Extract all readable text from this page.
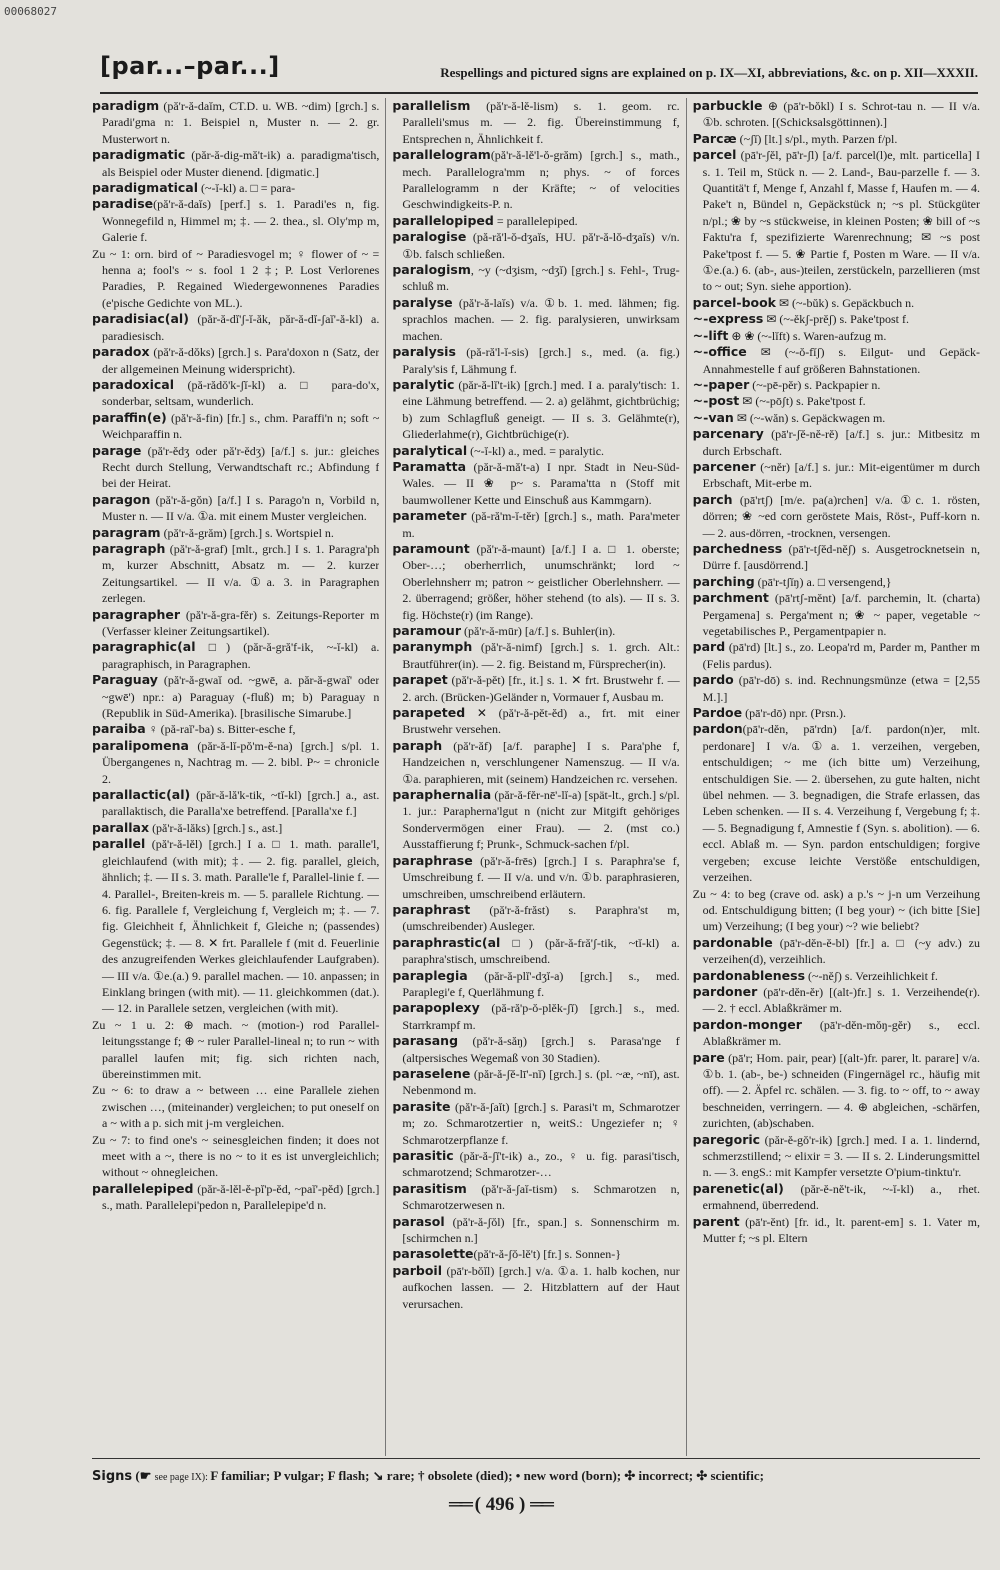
00068027
[par...–par...]	Respellings and pictured signs are explained on p. IX—XI, abbreviations, &c. on p. XII—XXXII.

paradigm (pă'r-ă-daĭm, CT.D. u. WB. ~dim) [grch.] s. Paradi'gma n: 1. Beispiel n, Muster n. — 2. gr. Musterwort n.

paradigmatic (păr-ă-dig-mă't-ik) a. paradigma'tisch, als Beispiel oder Muster dienend. [digmatic.]

paradigmatical (~-ĭ-kl) a. □ = para-

paradise(pă'r-ă-daĭs) [perf.] s. 1. Paradi'es n, fig. Wonnegefild n, Himmel m; ‡. — 2. thea., sl. Oly'mp m, Galerie f.

Zu ~ 1: orn. bird of ~ Paradiesvogel m; ♀ flower of ~ = henna a; fool's ~ s. fool 1 2 ‡; P. Lost Verlorenes Paradies, P. Regained Wiedergewonnenes Paradies (e'pische Gedichte von ML.).

paradisiac(al) (păr-ă-dĭ'ʃ-ĭ-ăk, păr-ă-dĭ-ʃaĭ'-ă-kl) a. paradiesisch.

paradox (pă'r-ă-dŏks) [grch.] s. Para'doxon n (Satz, der der allgemeinen Meinung widerspricht).

paradoxical (pă-rădŏ'k-ʃĭ-kl) a. □ para-do'x, sonderbar, seltsam, wunderlich.

paraffin(e) (pă'r-ă-fin) [fr.] s., chm. Paraffi'n n; soft ~ Weichparaffin n.

parage (pă'r-ĕdʒ oder pă'r-ĕdʒ) [a/f.] s. jur.: gleiches Recht durch Stellung, Verwandtschaft rc.; Abfindung f bei der Heirat.

paragon (pă'r-ă-gŏn) [a/f.] I s. Parago'n n, Vorbild n, Muster n. — II v/a. ①a. mit einem Muster vergleichen.

paragram (pă'r-ă-grăm) [grch.] s. Wortspiel n.

paragraph (pă'r-ă-graf) [mlt., grch.] I s. 1. Paragra'ph m, kurzer Abschnitt, Absatz m. — 2. kurzer Zeitungsartikel. — II v/a. ①a. 3. in Paragraphen zerlegen.

paragrapher (pă'r-ă-gra-fĕr) s. Zeitungs-Reporter m (Verfasser kleiner Zeitungsartikel).

paragraphic(al □) (păr-ă-gră'f-ik, ~-ĭ-kl) a. paragraphisch, in Paragraphen.

Paraguay (pă'r-ă-gwaĭ od. ~gwē, a. păr-ă-gwaĭ' oder ~gwē') npr.: a) Paraguay (-fluß) m; b) Paraguay n (Republik in Süd-Amerika). [brasilische Simarube.]

paraiba ♀ (pă-raĭ'-ba) s. Bitter-esche f,

paralipomena (păr-ă-lĭ-pŏ'm-ĕ-na) [grch.] s/pl. 1. Übergangenes n, Nachtrag m. — 2. bibl. P~ = chronicle 2.

parallactic(al) (păr-ă-lă'k-tik, ~tĭ-kl) [grch.] a., ast. parallaktisch, die Paralla'xe betreffend. [Paralla'xe f.]

parallax (pă'r-ă-lăks) [grch.] s., ast.]

parallel (pă'r-ă-lĕl) [grch.] I a. □ 1. math. paralle'l, gleichlaufend (with mit); ‡. — 2. fig. parallel, gleich, ähnlich; ‡. — II s. 3. math. Paralle'le f, Parallel-linie f. — 4. Parallel-, Breiten-kreis m. — 5. parallele Richtung. — 6. fig. Parallele f, Vergleichung f, Vergleich m; ‡. — 7. fig. Gleichheit f, Ähnlichkeit f, Gleiche n; (passendes) Gegenstück; ‡. — 8. ✕ frt. Parallele f (mit d. Feuerlinie des anzugreifenden Werkes gleichlaufender Laufgraben). — III v/a. ①e.(a.) 9. parallel machen. — 10. anpassen; in Einklang bringen (with mit). — 11. gleichkommen (dat.). — 12. in Parallele setzen, vergleichen (with mit).

Zu ~ 1 u. 2: ⊕ mach. ~ (motion-) rod Parallel-leitungsstange f; ⊕ ~ ruler Parallel-lineal n; to run ~ with parallel laufen mit; fig. sich richten nach, übereinstimmen mit.

Zu ~ 6: to draw a ~ between … eine Parallele ziehen zwischen …, (miteinander) vergleichen; to put oneself on a ~ with a p. sich mit j-m vergleichen.

Zu ~ 7: to find one's ~ seinesgleichen finden; it does not meet with a ~, there is no ~ to it es ist unvergleichlich; without ~ ohnegleichen.

parallelepiped (păr-ă-lĕl-ĕ-pĭ'p-ĕd, ~paĭ'-pĕd) [grch.] s., math. Parallelepi'pedon n, Parallelepipe'd n.

parallelism (pă'r-ă-lĕ-lism) s. 1. geom. rc. Paralleli'smus m. — 2. fig. Übereinstimmung f, Entsprechen n, Ähnlichkeit f.

parallelogram(pă'r-ă-lĕ'l-ŏ-grăm) [grch.] s., math., mech. Parallelogra'mm n; phys. ~ of forces Parallelogramm n der Kräfte; ~ of velocities Geschwindigkeits-P. n.

parallelopiped = parallelepiped.

paralogise (pă-ră'l-ŏ-dʒaĭs, HU. pă'r-ă-lŏ-dʒaĭs) v/n. ①b. falsch schließen.

paralogism, ~y (~dʒism, ~dʒĭ) [grch.] s. Fehl-, Trug-schluß m.

paralyse (pă'r-ă-laĭs) v/a. ①b. 1. med. lähmen; fig. sprachlos machen. — 2. fig. paralysieren, unwirksam machen.

paralysis (pă-ră'l-ĭ-sis) [grch.] s., med. (a. fig.) Paraly'sis f, Lähmung f.

paralytic (păr-ă-lĭ't-ik) [grch.] med. I a. paraly'tisch: 1. eine Lähmung betreffend. — 2. a) gelähmt, gichtbrüchig; b) zum Schlagfluß geneigt. — II s. 3. Gelähmte(r), Gliederlahme(r), Gichtbrüchige(r).

paralytical (~-ĭ-kl) a., med. = paralytic.

Paramatta (păr-ă-mă't-a) I npr. Stadt in Neu-Süd-Wales. — II ❀ p~ s. Parama'tta n (Stoff mit baumwollener Kette und Einschuß aus Kammgarn).

parameter (pă-ră'm-ĭ-tĕr) [grch.] s., math. Para'meter m.

paramount (pă'r-ă-maunt) [a/f.] I a. □ 1. oberste; Ober-…; oberherrlich, unumschränkt; lord ~ Oberlehnsherr m; patron ~ geistlicher Oberlehnsherr. — 2. überragend; größer, höher stehend (to als). — II s. 3. fig. Höchste(r) (im Range).

paramour (pă'r-ă-mūr) [a/f.] s. Buhler(in).

paranymph (pă'r-ă-nimf) [grch.] s. 1. grch. Alt.: Brautführer(in). — 2. fig. Beistand m, Fürsprecher(in).

parapet (pă'r-ă-pĕt) [fr., it.] s. 1. ✕ frt. Brustwehr f. — 2. arch. (Brücken-)Geländer n, Vormauer f, Ausbau m.

parapeted ✕ (pă'r-ă-pĕt-ĕd) a., frt. mit einer Brustwehr versehen.

paraph (pă'r-ăf) [a/f. paraphe] I s. Para'phe f, Handzeichen n, verschlungener Namenszug. — II v/a. ①a. paraphieren, mit (seinem) Handzeichen rc. versehen.

paraphernalia (păr-ă-fĕr-nē'-lĭ-a) [spät-lt., grch.] s/pl. 1. jur.: Parapherna'lgut n (nicht zur Mitgift gehöriges Sondervermögen einer Frau). — 2. (mst co.) Ausstaffierung f; Prunk-, Schmuck-sachen f/pl.

paraphrase (pă'r-ă-frēs) [grch.] I s. Paraphra'se f, Umschreibung f. — II v/a. und v/n. ①b. paraphrasieren, umschreiben, umschreibend erläutern.

paraphrast (pă'r-ă-frăst) s. Paraphra'st m, (umschreibender) Ausleger.

paraphrastic(al □) (păr-ă-fră'ʃ-tik, ~tĭ-kl) a. paraphra'stisch, umschreibend.

paraplegia (păr-ă-plĭ'-dʒĭ-a) [grch.] s., med. Paraplegi'e f, Querlähmung f.

parapoplexy (pă-ră'p-ŏ-plĕk-ʃĭ) [grch.] s., med. Starrkrampf m.

parasang (pă'r-ă-săŋ) [grch.] s. Parasa'nge f (altpersisches Wegemaß von 30 Stadien).

paraselene (păr-ă-ʃĕ-lī'-nĭ) [grch.] s. (pl. ~æ, ~nī), ast. Nebenmond m.

parasite (pă'r-ă-ʃaĭt) [grch.] s. Parasi't m, Schmarotzer m; zo. Schmarotzertier n, weitS.: Ungeziefer n; ♀ Schmarotzerpflanze f.

parasitic (păr-ă-ʃĭ't-ik) a., zo., ♀ u. fig. parasi'tisch, schmarotzend; Schmarotzer-…

parasitism (pă'r-ă-ʃaĭ-tism) s. Schmarotzen n, Schmarotzerwesen n.

parasol (pă'r-ă-ʃŏl) [fr., span.] s. Sonnenschirm m. [schirmchen n.]

parasolette(pă'r-ă-ʃŏ-lĕ't) [fr.] s. Sonnen-}

parboil (pā'r-bŏĭl) [grch.] v/a. ①a. 1. halb kochen, nur aufkochen lassen. — 2. Hitzblattern auf der Haut verursachen.

parbuckle ⊕ (pā'r-bŏkl) I s. Schrot-tau n. — II v/a. ①b. schroten. [(Schicksalsgöttinnen).]

Parcæ (~ʃĭ) [lt.] s/pl., myth. Parzen f/pl.

parcel (pā'r-ʃĕl, pā'r-ʃl) [a/f. parcel(l)e, mlt. particella] I s. 1. Teil m, Stück n. — 2. Land-, Bau-parzelle f. — 3. Quantitä't f, Menge f, Anzahl f, Masse f, Haufen m. — 4. Pake't n, Bündel n, Gepäckstück n; ~s pl. Stückgüter n/pl.; ❀ by ~s stückweise, in kleinen Posten; ❀ bill of ~s Faktu'ra f, spezifizierte Warenrechnung; ✉ ~s post Pake'tpost f. — 5. ❀ Partie f, Posten m Ware. — II v/a. ①e.(a.) 6. (ab-, aus-)teilen, zerstückeln, parzellieren (mst to ~ out; Syn. siehe apportion).

parcel-book ✉ (~-bŭk) s. Gepäckbuch n.

~-express ✉ (~-ĕkʃ-prĕʃ) s. Pake'tpost f.

~-lift ⊕ ❀ (~-lĭft) s. Waren-aufzug m.

~-office ✉ (~-ŏ-fĭʃ) s. Eilgut- und Gepäck-Annahmestelle f auf größeren Bahnstationen.

~-paper (~-pē-pĕr) s. Packpapier n.

~-post ✉ (~-pōʃt) s. Pake'tpost f.

~-van ✉ (~-wăn) s. Gepäckwagen m.

parcenary (pā'r-ʃĕ-nĕ-rĕ) [a/f.] s. jur.: Mitbesitz m durch Erbschaft.

parcener (~nĕr) [a/f.] s. jur.: Mit-eigentümer m durch Erbschaft, Mit-erbe m.

parch (pā'rtʃ) [m/e. pa(a)rchen] v/a. ①c. 1. rösten, dörren; ❀ ~ed corn geröstete Mais, Röst-, Puff-korn n. — 2. aus-dörren, -trocknen, versengen.

parchedness (pā'r-tʃĕd-nĕʃ) s. Ausgetrocknetsein n, Dürre f. [ausdörrend.]

parching (pā'r-tʃĭŋ) a. □ versengend,}

parchment (pā'rtʃ-mĕnt) [a/f. parchemin, lt. (charta) Pergamena] s. Perga'ment n; ❀ ~ paper, vegetable ~ vegetabilisches P., Pergamentpapier n.

pard (pā'rd) [lt.] s., zo. Leopa'rd m, Parder m, Panther m (Felis pardus).

pardo (pā'r-dō) s. ind. Rechnungsmünze (etwa = [2,55 M.].]

Pardoe (pā'r-dō) npr. (Prsn.).

pardon(pā'r-dĕn, pā'rdn) [a/f. pardon(n)er, mlt. perdonare] I v/a. ①a. 1. verzeihen, vergeben, entschuldigen; ~ me (ich bitte um) Verzeihung, entschuldigen Sie. — 2. übersehen, zu gute halten, nicht übel nehmen. — 3. begnadigen, die Strafe erlassen, das Leben schenken. — II s. 4. Verzeihung f, Vergebung f; ‡. — 5. Begnadigung f, Amnestie f (Syn. s. abolition). — 6. eccl. Ablaß m. — Syn. pardon entschuldigen; forgive vergeben; excuse leichte Verstöße entschuldigen, verzeihen.

Zu ~ 4: to beg (crave od. ask) a p.'s ~ j-n um Verzeihung od. Entschuldigung bitten; (I beg your) ~ (ich bitte [Sie] um) Verzeihung; (I beg your) ~? wie beliebt?

pardonable (pā'r-dĕn-ĕ-bl) [fr.] a. □ (~y adv.) zu verzeihen(d), verzeihlich.

pardonableness (~-nĕʃ) s. Verzeihlichkeit f.

pardoner (pā'r-dĕn-ĕr) [(alt-)fr.] s. 1. Verzeihende(r). — 2. † eccl. Ablaßkrämer m.

pardon-monger (pā'r-dĕn-mŏŋ-gĕr) s., eccl. Ablaßkrämer m.

pare (pā'r; Hom. pair, pear) [(alt-)fr. parer, lt. parare] v/a. ①b. 1. (ab-, be-) schneiden (Fingernägel rc., häufig mit off). — 2. Äpfel rc. schälen. — 3. fig. to ~ off, to ~ away beschneiden, verringern. — 4. ⊕ abgleichen, -schärfen, zurichten, (ab)schaben.

paregoric (păr-ĕ-gŏ'r-ik) [grch.] med. I a. 1. lindernd, schmerzstillend; ~ elixir = 3. — II s. 2. Linderungsmittel n. — 3. engS.: mit Kampfer versetzte O'pium-tinktu'r.

parenetic(al) (păr-ĕ-nĕ't-ik, ~-ĭ-kl) a., rhet. ermahnend, überredend.

parent (pā'r-ĕnt) [fr. id., lt. parent-em] s. 1. Vater m, Mutter f; ~s pl. Eltern

Signs (☛ see page IX): F familiar; P vulgar; F flash; ↘ rare; † obsolete (died); • new word (born); ✣ incorrect; ✣ scientific;
══ ( 496 ) ══
